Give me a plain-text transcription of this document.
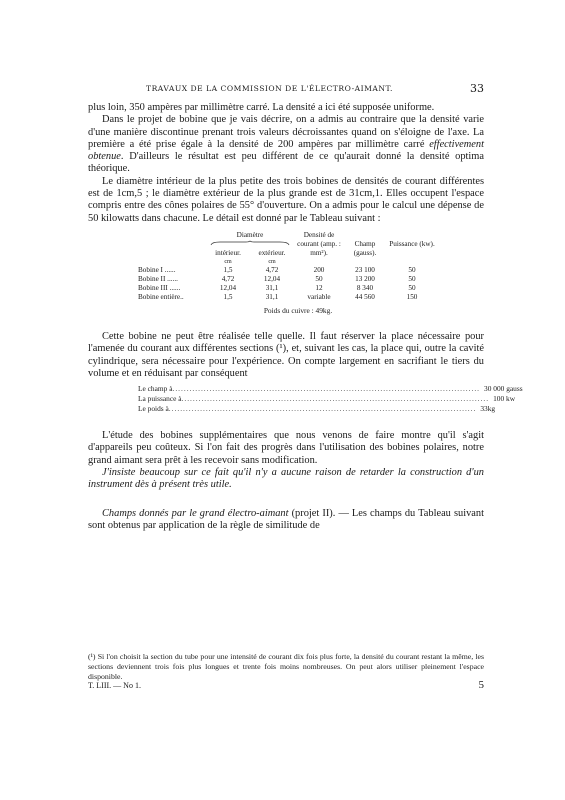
TRAVAUX DE LA COMMISSION DE L'ÉLECTRO-AIMANT.	33

plus loin, 350 ampères par millimètre carré. La densité a ici été supposée uniforme.

Dans le projet de bobine que je vais décrire, on a admis au contraire que la densité varie d'une manière discontinue prenant trois valeurs décroissantes quand on s'éloigne de l'axe. La première a été prise égale à la densité de 200 ampères par millimètre carré effectivement obtenue. D'ailleurs le résultat est peu différent de ce qu'aurait donné la densité optima théorique.

Le diamètre intérieur de la plus petite des trois bobines de densités de courant différentes est de 1cm,5 ; le diamètre extérieur de la plus grande est de 31cm,1. Elles occupent l'espace compris entre des cônes polaires de 55° d'ouverture. On a admis pour le calcul une dépense de 50 kilowatts dans chacune. Le détail est donné par le Tableau suivant :

Diamètre
intérieur.	extérieur.
Densité de courant (amp. : mm²).
Champ (gauss).
Puissance (kw).
cm	cm
Bobine I ......	1,5	4,72	200	23 100	50
Bobine II ......	4,72	12,04	50	13 200	50
Bobine III ......	12,04	31,1	12	8 340	50
Bobine entière..	1,5	31,1	variable	44 560	150
Poids du cuivre : 49kg.

Cette bobine ne peut être réalisée telle quelle. Il faut réserver la place nécessaire pour l'amenée du courant aux différentes sections (¹), et, suivant les cas, la place qui, outre la cavité cylindrique, sera nécessaire pour l'expérience. On compte largement en sacrifiant le tiers du volume et en réduisant par conséquent

Le champ à ............................................................................................................ 30 000 gauss
La puissance à ............................................................................................................ 100 kw
Le poids à ............................................................................................................ 33kg

L'étude des bobines supplémentaires que nous venons de faire montre qu'il s'agit d'appareils peu coûteux. Si l'on fait des progrès dans l'utilisation des bobines polaires, notre grand aimant sera prêt à les recevoir sans modification.

J'insiste beaucoup sur ce fait qu'il n'y a aucune raison de retarder la construction d'un instrument dès à présent très utile.

Champs donnés par le grand électro-aimant (projet II). — Les champs du Tableau suivant sont obtenus par application de la règle de similitude de

(¹) Si l'on choisit la section du tube pour une intensité de courant dix fois plus forte, la densité du courant restant la même, les sections deviennent trois fois plus longues et trente fois moins nombreuses. On peut alors utiliser pleinement l'espace disponible.
T. LIII. — No 1.	5
